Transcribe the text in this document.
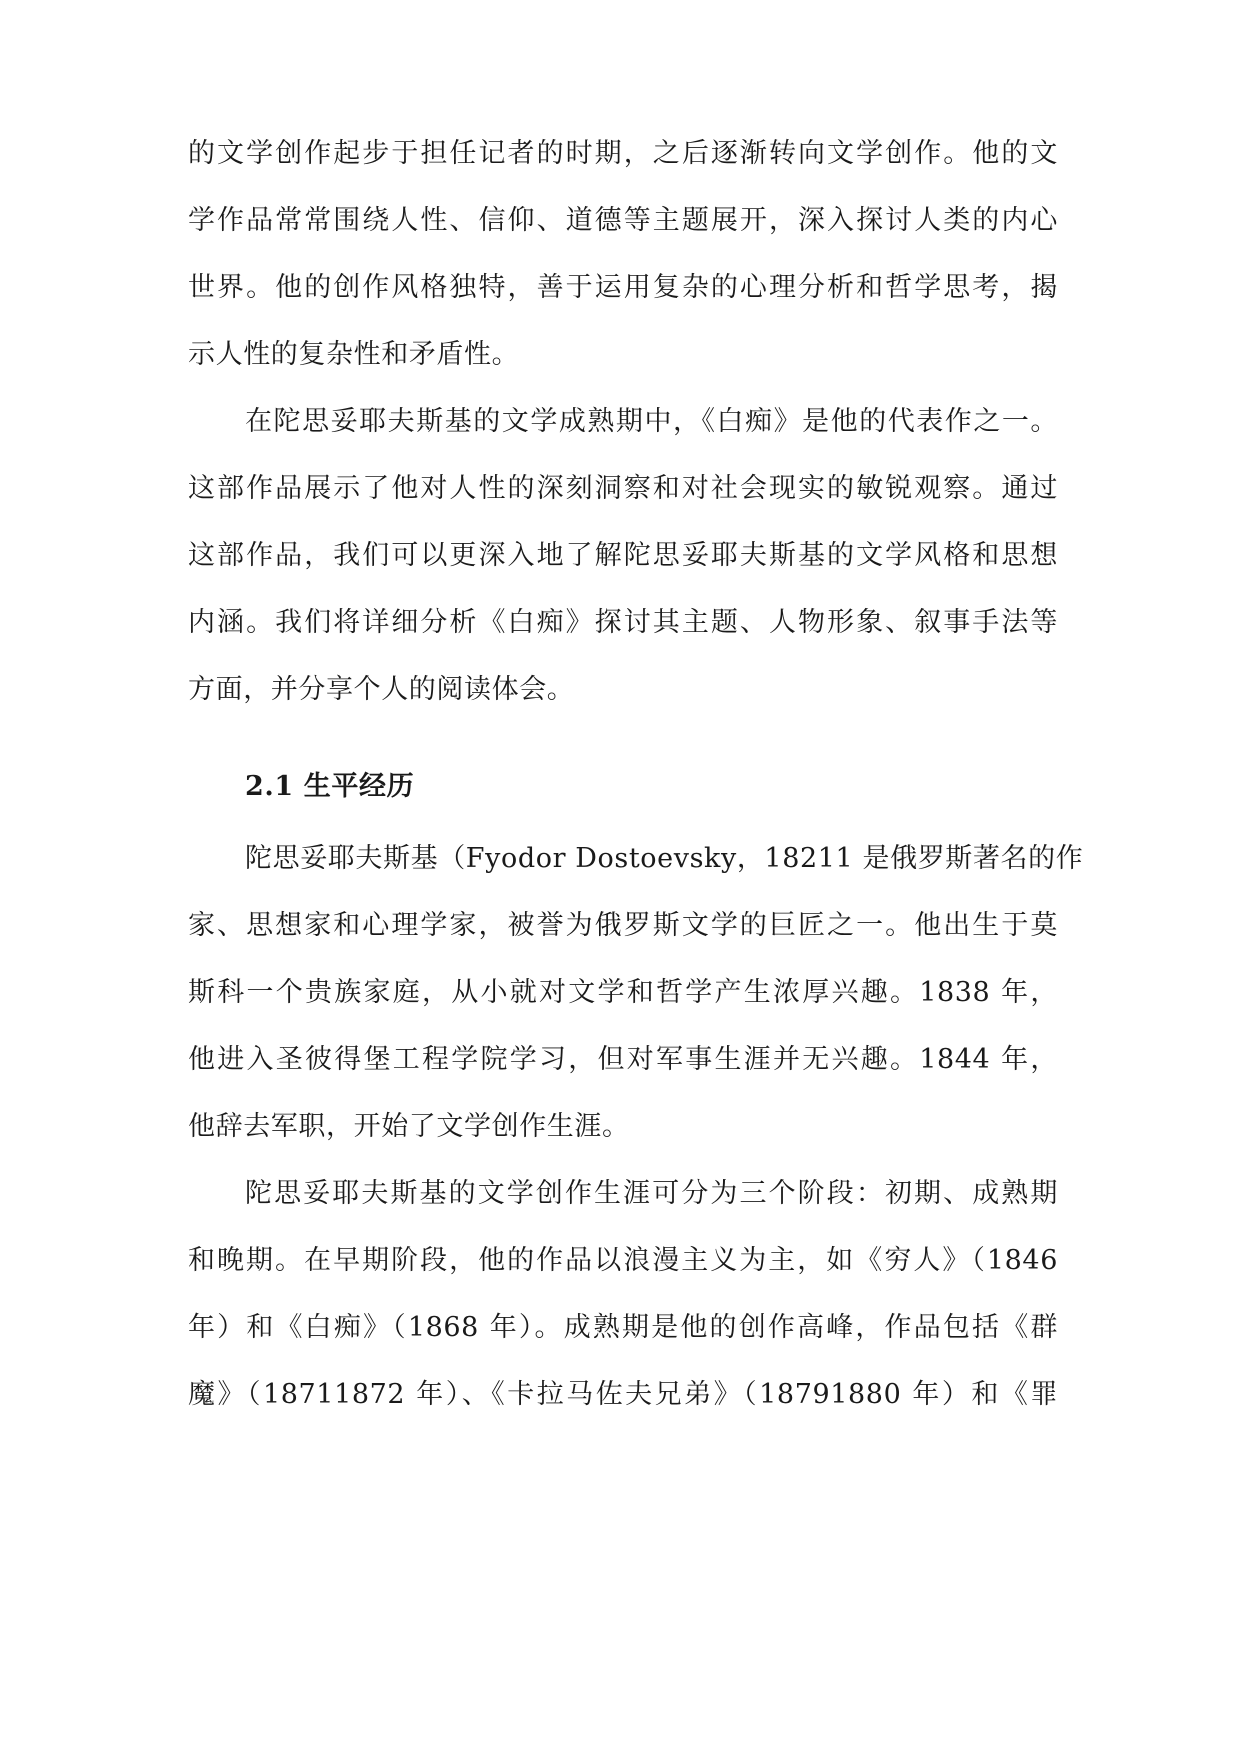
的文学创作起步于担任记者的时期，之后逐渐转向文学创作。他的文
学作品常常围绕人性、信仰、道德等主题展开，深入探讨人类的内心
世界。他的创作风格独特，善于运用复杂的心理分析和哲学思考，揭
示人性的复杂性和矛盾性。
在陀思妥耶夫斯基的文学成熟期中，《白痴》是他的代表作之一。
这部作品展示了他对人性的深刻洞察和对社会现实的敏锐观察。通过
这部作品，我们可以更深入地了解陀思妥耶夫斯基的文学风格和思想
内涵。我们将详细分析《白痴》探讨其主题、人物形象、叙事手法等
方面，并分享个人的阅读体会。
2.1 生平经历
陀思妥耶夫斯基（Fyodor Dostoevsky，18211 是俄罗斯著名的作
家、思想家和心理学家，被誉为俄罗斯文学的巨匠之一。他出生于莫
斯科一个贵族家庭，从小就对文学和哲学产生浓厚兴趣。1838 年，
他进入圣彼得堡工程学院学习，但对军事生涯并无兴趣。1844 年，
他辞去军职，开始了文学创作生涯。
陀思妥耶夫斯基的文学创作生涯可分为三个阶段：初期、成熟期
和晚期。在早期阶段，他的作品以浪漫主义为主，如《穷人》（1846
年）和《白痴》（1868 年）。成熟期是他的创作高峰，作品包括《群
魔》（18711872 年）、《卡拉马佐夫兄弟》（18791880 年）和《罪
